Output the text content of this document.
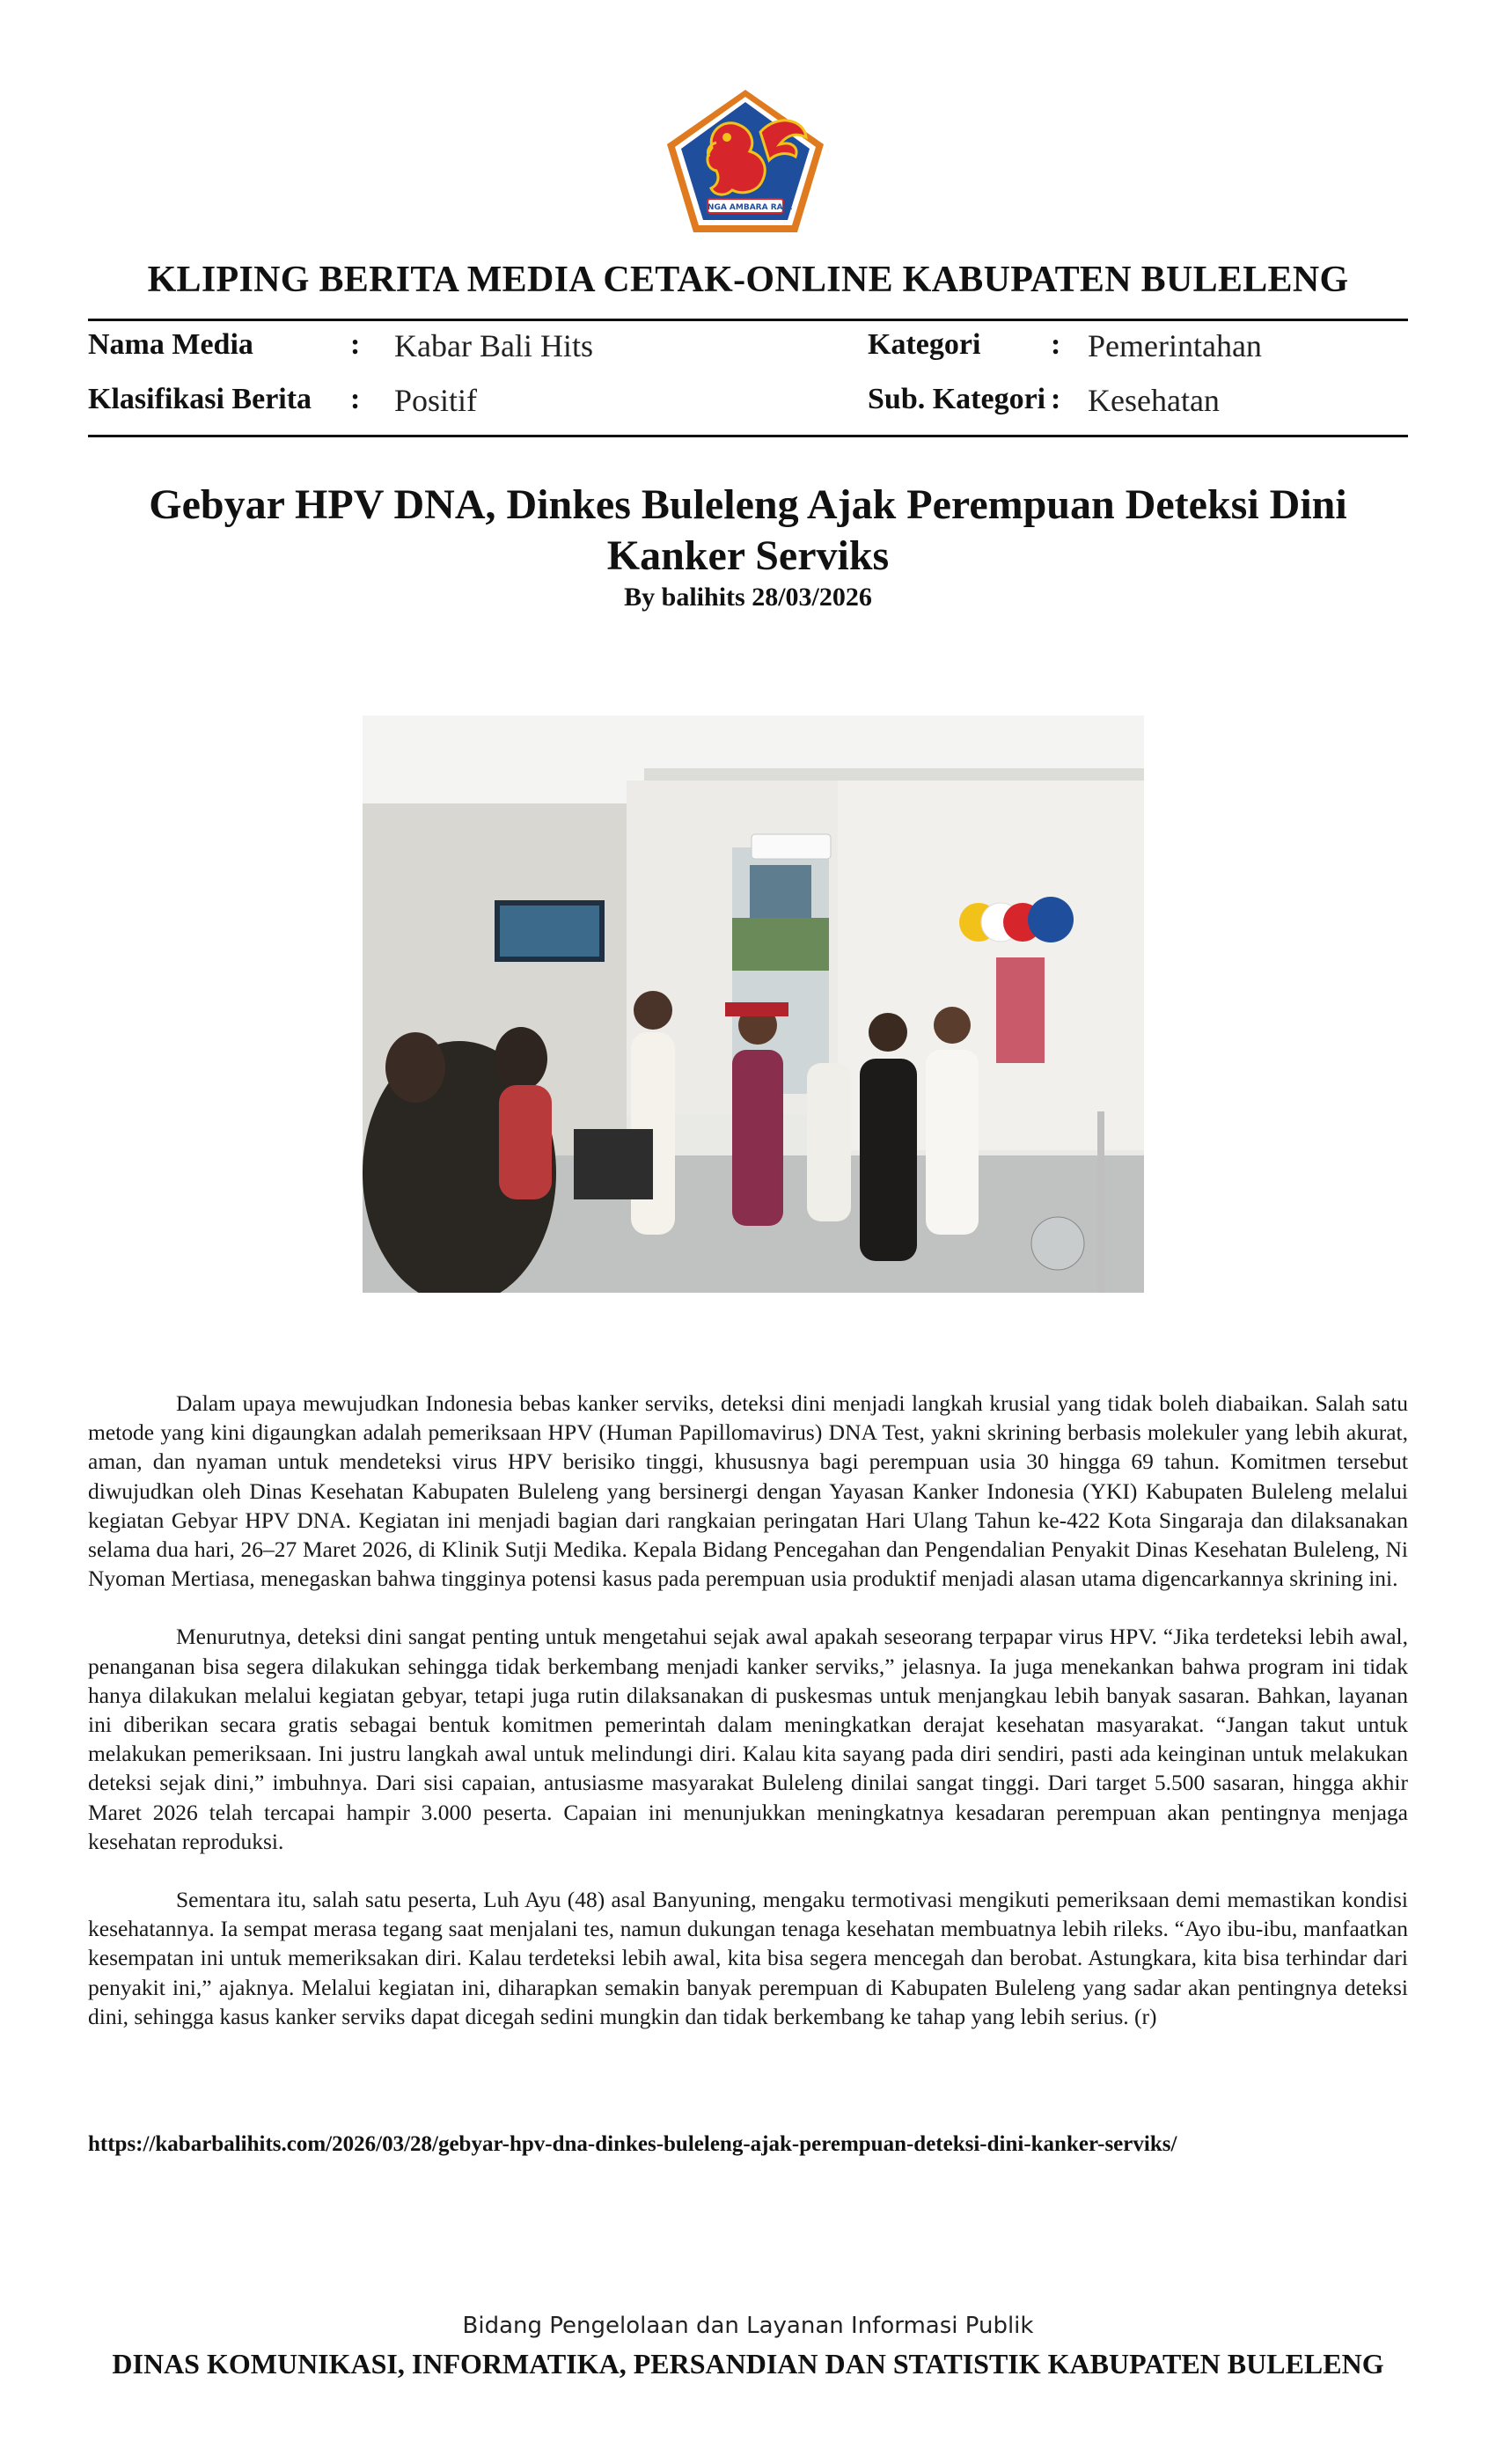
SINGA AMBARA RAJA
KLIPING BERITA MEDIA CETAK-ONLINE KABUPATEN BULELENG
Nama Media	: Kabar Bali Hits	Kategori : Pemerintahan
Klasifikasi Berita : Positif	Sub. Kategori : Kesehatan
Gebyar HPV DNA, Dinkes Buleleng Ajak Perempuan Deteksi Dini Kanker Serviks
By balihits 28/03/2026

Dalam upaya mewujudkan Indonesia bebas kanker serviks, deteksi dini menjadi langkah krusial yang tidak boleh diabaikan. Salah satu metode yang kini digaungkan adalah pemeriksaan HPV (Human Papillomavirus) DNA Test, yakni skrining berbasis molekuler yang lebih akurat, aman, dan nyaman untuk mendeteksi virus HPV berisiko tinggi, khususnya bagi perempuan usia 30 hingga 69 tahun. Komitmen tersebut diwujudkan oleh Dinas Kesehatan Kabupaten Buleleng yang bersinergi dengan Yayasan Kanker Indonesia (YKI) Kabupaten Buleleng melalui kegiatan Gebyar HPV DNA. Kegiatan ini menjadi bagian dari rangkaian peringatan Hari Ulang Tahun ke-422 Kota Singaraja dan dilaksanakan selama dua hari, 26–27 Maret 2026, di Klinik Sutji Medika. Kepala Bidang Pencegahan dan Pengendalian Penyakit Dinas Kesehatan Buleleng, Ni Nyoman Mertiasa, menegaskan bahwa tingginya potensi kasus pada perempuan usia produktif menjadi alasan utama digencarkannya skrining ini.

Menurutnya, deteksi dini sangat penting untuk mengetahui sejak awal apakah seseorang terpapar virus HPV. “Jika terdeteksi lebih awal, penanganan bisa segera dilakukan sehingga tidak berkembang menjadi kanker serviks,” jelasnya. Ia juga menekankan bahwa program ini tidak hanya dilakukan melalui kegiatan gebyar, tetapi juga rutin dilaksanakan di puskesmas untuk menjangkau lebih banyak sasaran. Bahkan, layanan ini diberikan secara gratis sebagai bentuk komitmen pemerintah dalam meningkatkan derajat kesehatan masyarakat. “Jangan takut untuk melakukan pemeriksaan. Ini justru langkah awal untuk melindungi diri. Kalau kita sayang pada diri sendiri, pasti ada keinginan untuk melakukan deteksi sejak dini,” imbuhnya. Dari sisi capaian, antusiasme masyarakat Buleleng dinilai sangat tinggi. Dari target 5.500 sasaran, hingga akhir Maret 2026 telah tercapai hampir 3.000 peserta. Capaian ini menunjukkan meningkatnya kesadaran perempuan akan pentingnya menjaga kesehatan reproduksi.

Sementara itu, salah satu peserta, Luh Ayu (48) asal Banyuning, mengaku termotivasi mengikuti pemeriksaan demi memastikan kondisi kesehatannya. Ia sempat merasa tegang saat menjalani tes, namun dukungan tenaga kesehatan membuatnya lebih rileks. “Ayo ibu-ibu, manfaatkan kesempatan ini untuk memeriksakan diri. Kalau terdeteksi lebih awal, kita bisa segera mencegah dan berobat. Astungkara, kita bisa terhindar dari penyakit ini,” ajaknya. Melalui kegiatan ini, diharapkan semakin banyak perempuan di Kabupaten Buleleng yang sadar akan pentingnya deteksi dini, sehingga kasus kanker serviks dapat dicegah sedini mungkin dan tidak berkembang ke tahap yang lebih serius. (r)

https://kabarbalihits.com/2026/03/28/gebyar-hpv-dna-dinkes-buleleng-ajak-perempuan-deteksi-dini-kanker-serviks/
Bidang Pengelolaan dan Layanan Informasi Publik
DINAS KOMUNIKASI, INFORMATIKA, PERSANDIAN DAN STATISTIK KABUPATEN BULELENG
